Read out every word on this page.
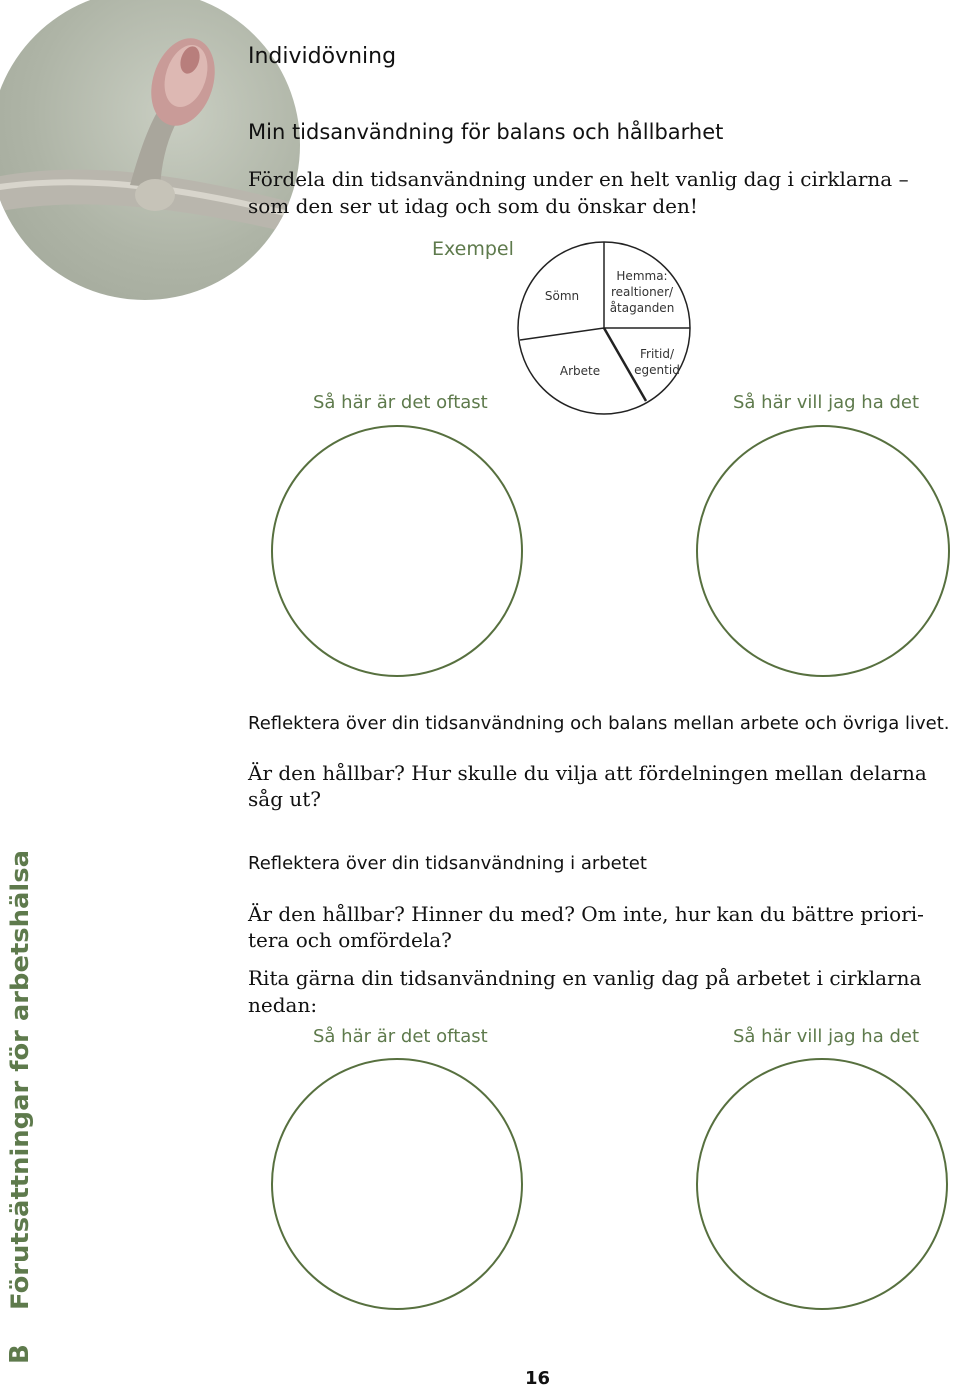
Individövning
Min tidsanvändning för balans och hållbarhet
Fördela din tidsanvändning under en helt vanlig dag i cirklarna –
som den ser ut idag och som du önskar den!
Exempel
Sömn
Hemma:
realtioner/
åtaganden
Arbete
Fritid/
egentid
Så här är det oftast	Så här vill jag ha det
Reflektera över din tidsanvändning och balans mellan arbete och övriga livet.
Är den hållbar? Hur skulle du vilja att fördelningen mellan delarna
såg ut?
Reflektera över din tidsanvändning i arbetet
Är den hållbar? Hinner du med? Om inte, hur kan du bättre priori-
tera och omfördela?
Rita gärna din tidsanvändning en vanlig dag på arbetet i cirklarna
nedan:
Så här är det oftast	Så här vill jag ha det
B
Förutsättningar för arbetshälsa
16
